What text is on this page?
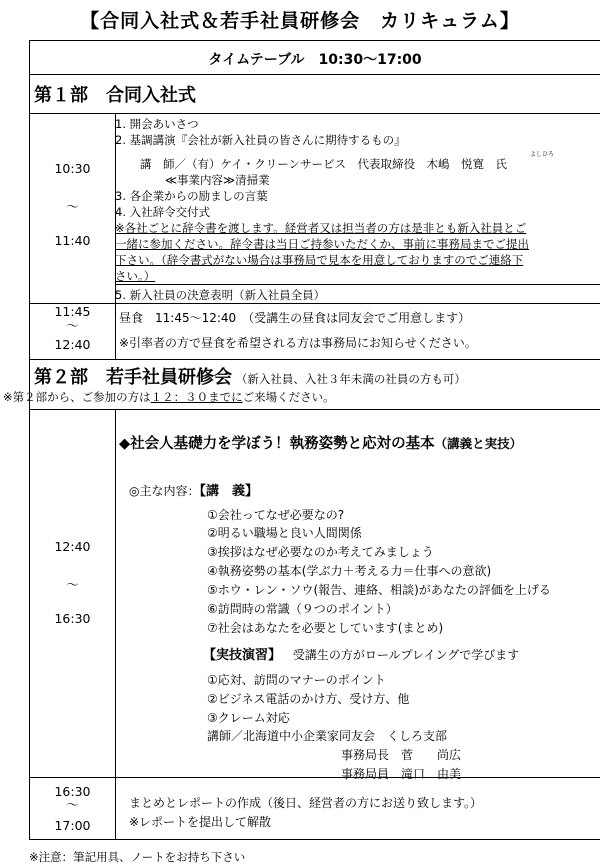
【合同入社式＆若手社員研修会　カリキュラム】
タイムテーブル　10:30～17:00
第１部　合同入社式
10:30
～
11:40
1. 開会あいさつ
2. 基調講演『会社が新入社員の皆さんに期待するもの』
よしひろ
講　師／（有）ケイ・クリーンサービス　代表取締役　木嶋　悦寛　氏
≪事業内容≫清掃業
3. 各企業からの励ましの言葉
4. 入社辞令交付式
※各社ごとに辞令書を渡します。経営者又は担当者の方は是非とも新入社員とご
一緒に参加ください。辞令書は当日ご持参いただくか、事前に事務局までご提出
下さい。（辞令書式がない場合は事務局で見本を用意しておりますのでご連絡下
さい。）
5. 新入社員の決意表明（新入社員全員）
11:45
～
12:40
昼食　11:45～12:40　（受講生の昼食は同友会でご用意します）
※引率者の方で昼食を希望される方は事務局にお知らせください。
第２部　若手社員研修会 （新入社員、入社３年未満の社員の方も可）
※第２部から、ご参加の方は１２：３０までにご来場ください。
12:40
～
16:30
◆社会人基礎力を学ぼう！執務姿勢と応対の基本（講義と実技）
◎主な内容：【講　義】
①会社ってなぜ必要なの?
②明るい職場と良い人間関係
③挨拶はなぜ必要なのか考えてみましょう
④執務姿勢の基本(学ぶ力＋考える力＝仕事への意欲)
⑤ホウ・レン・ソウ(報告、連絡、相談)があなたの評価を上げる
⑥訪問時の常識（９つのポイント）
⑦社会はあなたを必要としています(まとめ)
【実技演習】 受講生の方がロールプレイングで学びます
①応対、訪問のマナーのポイント
②ビジネス電話のかけ方、受け方、他
③クレーム対応
講師／北海道中小企業家同友会　くしろ支部
事務局長　菅　　尚広
事務局員　滝口　由美
16:30
～
17:00
まとめとレポートの作成（後日、経営者の方にお送り致します。）
※レポートを提出して解散
※注意：筆記用具、ノートをお持ち下さい
